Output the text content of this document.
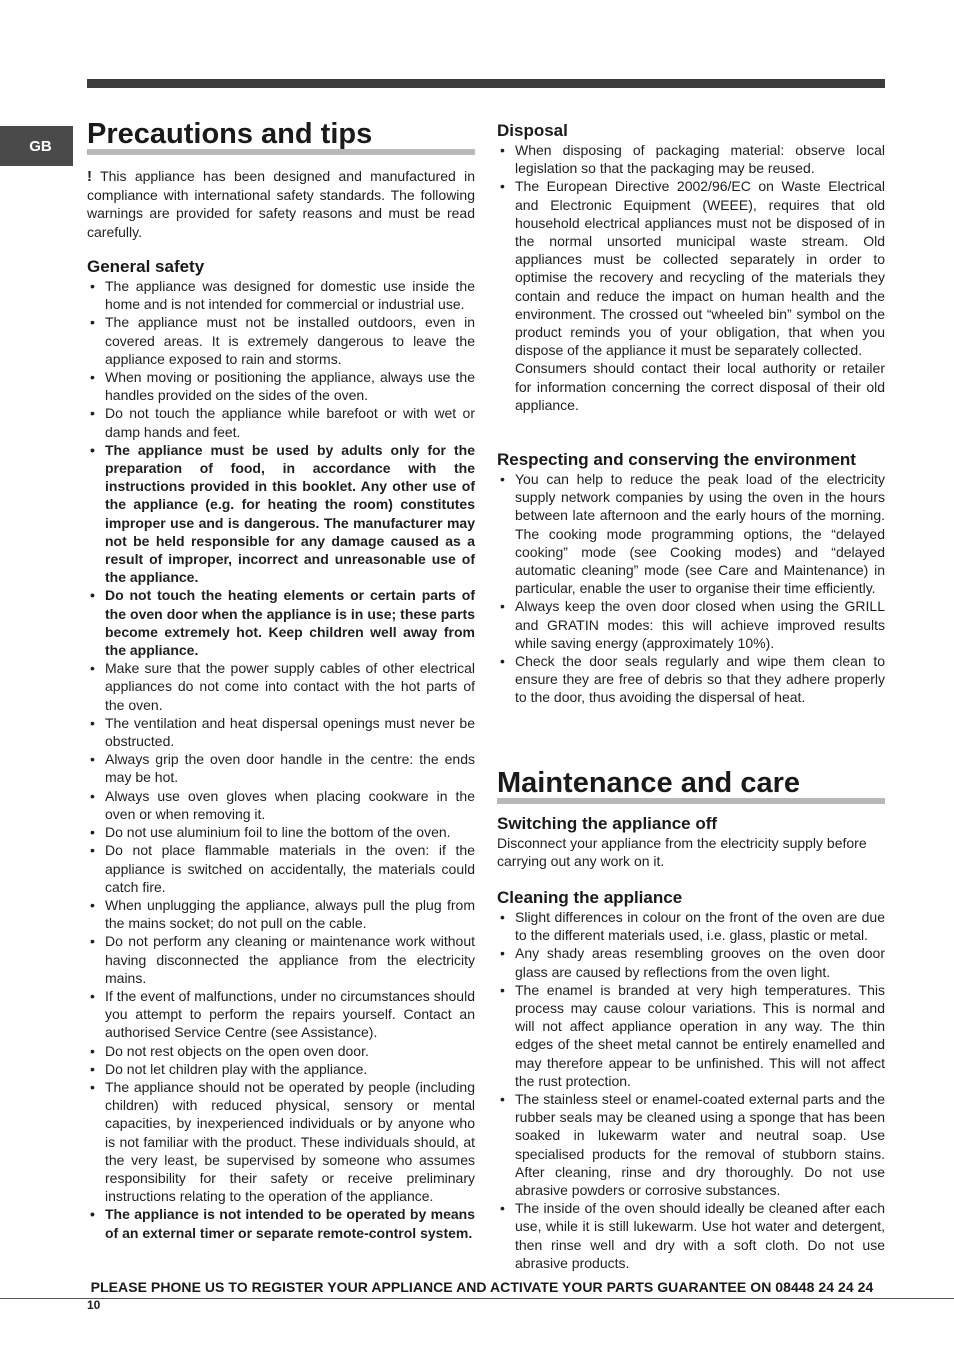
GB	Precautions and tips

! This appliance has been designed and manufactured in compliance with international safety standards. The following warnings are provided for safety reasons and must be read carefully.

General safety
• The appliance was designed for domestic use inside the home and is not intended for commercial or industrial use.
• The appliance must not be installed outdoors, even in covered areas. It is extremely dangerous to leave the appliance exposed to rain and storms.
• When moving or positioning the appliance, always use the handles provided on the sides of the oven.
• Do not touch the appliance while barefoot or with wet or damp hands and feet.
• The appliance must be used by adults only for the preparation of food, in accordance with the instructions provided in this booklet. Any other use of the appliance (e.g. for heating the room) constitutes improper use and is dangerous. The manufacturer may not be held responsible for any damage caused as a result of improper, incorrect and unreasonable use of the appliance.
• Do not touch the heating elements or certain parts of the oven door when the appliance is in use; these parts become extremely hot. Keep children well away from the appliance.
• Make sure that the power supply cables of other electrical appliances do not come into contact with the hot parts of the oven.
• The ventilation and heat dispersal openings must never be obstructed.
• Always grip the oven door handle in the centre: the ends may be hot.
• Always use oven gloves when placing cookware in the oven or when removing it.
• Do not use aluminium foil to line the bottom of the oven.
• Do not place flammable materials in the oven: if the appliance is switched on accidentally, the materials could catch fire.
• When unplugging the appliance, always pull the plug from the mains socket; do not pull on the cable.
• Do not perform any cleaning or maintenance work without having disconnected the appliance from the electricity mains.
• If the event of malfunctions, under no circumstances should you attempt to perform the repairs yourself. Contact an authorised Service Centre (see Assistance).
• Do not rest objects on the open oven door.
• Do not let children play with the appliance.
• The appliance should not be operated by people (including children) with reduced physical, sensory or mental capacities, by inexperienced individuals or by anyone who is not familiar with the product. These individuals should, at the very least, be supervised by someone who assumes responsibility for their safety or receive preliminary instructions relating to the operation of the appliance.
• The appliance is not intended to be operated by means of an external timer or separate remote-control system.
Disposal
• When disposing of packaging material: observe local legislation so that the packaging may be reused.
• The European Directive 2002/96/EC on Waste Electrical and Electronic Equipment (WEEE), requires that old household electrical appliances must not be disposed of in the normal unsorted municipal waste stream. Old appliances must be collected separately in order to optimise the recovery and recycling of the materials they contain and reduce the impact on human health and the environment. The crossed out “wheeled bin” symbol on the product reminds you of your obligation, that when you dispose of the appliance it must be separately collected.
Consumers should contact their local authority or retailer for information concerning the correct disposal of their old appliance.
Respecting and conserving the environment
• You can help to reduce the peak load of the electricity supply network companies by using the oven in the hours between late afternoon and the early hours of the morning. The cooking mode programming options, the “delayed cooking” mode (see Cooking modes) and “delayed automatic cleaning” mode (see Care and Maintenance) in particular, enable the user to organise their time efficiently.
• Always keep the oven door closed when using the GRILL and GRATIN modes: this will achieve improved results while saving energy (approximately 10%).
• Check the door seals regularly and wipe them clean to ensure they are free of debris so that they adhere properly to the door, thus avoiding the dispersal of heat.
Maintenance and care
Switching the appliance off

Disconnect your appliance from the electricity supply before carrying out any work on it.

Cleaning the appliance
• Slight differences in colour on the front of the oven are due to the different materials used, i.e. glass, plastic or metal.
• Any shady areas resembling grooves on the oven door glass are caused by reflections from the oven light.
• The enamel is branded at very high temperatures. This process may cause colour variations. This is normal and will not affect appliance operation in any way. The thin edges of the sheet metal cannot be entirely enamelled and may therefore appear to be unfinished. This will not affect the rust protection.
• The stainless steel or enamel-coated external parts and the rubber seals may be cleaned using a sponge that has been soaked in lukewarm water and neutral soap. Use specialised products for the removal of stubborn stains. After cleaning, rinse and dry thoroughly. Do not use abrasive powders or corrosive substances.
• The inside of the oven should ideally be cleaned after each use, while it is still lukewarm. Use hot water and detergent, then rinse well and dry with a soft cloth. Do not use abrasive products.
PLEASE PHONE US TO REGISTER YOUR APPLIANCE AND ACTIVATE YOUR PARTS GUARANTEE ON 08448 24 24 24
10
